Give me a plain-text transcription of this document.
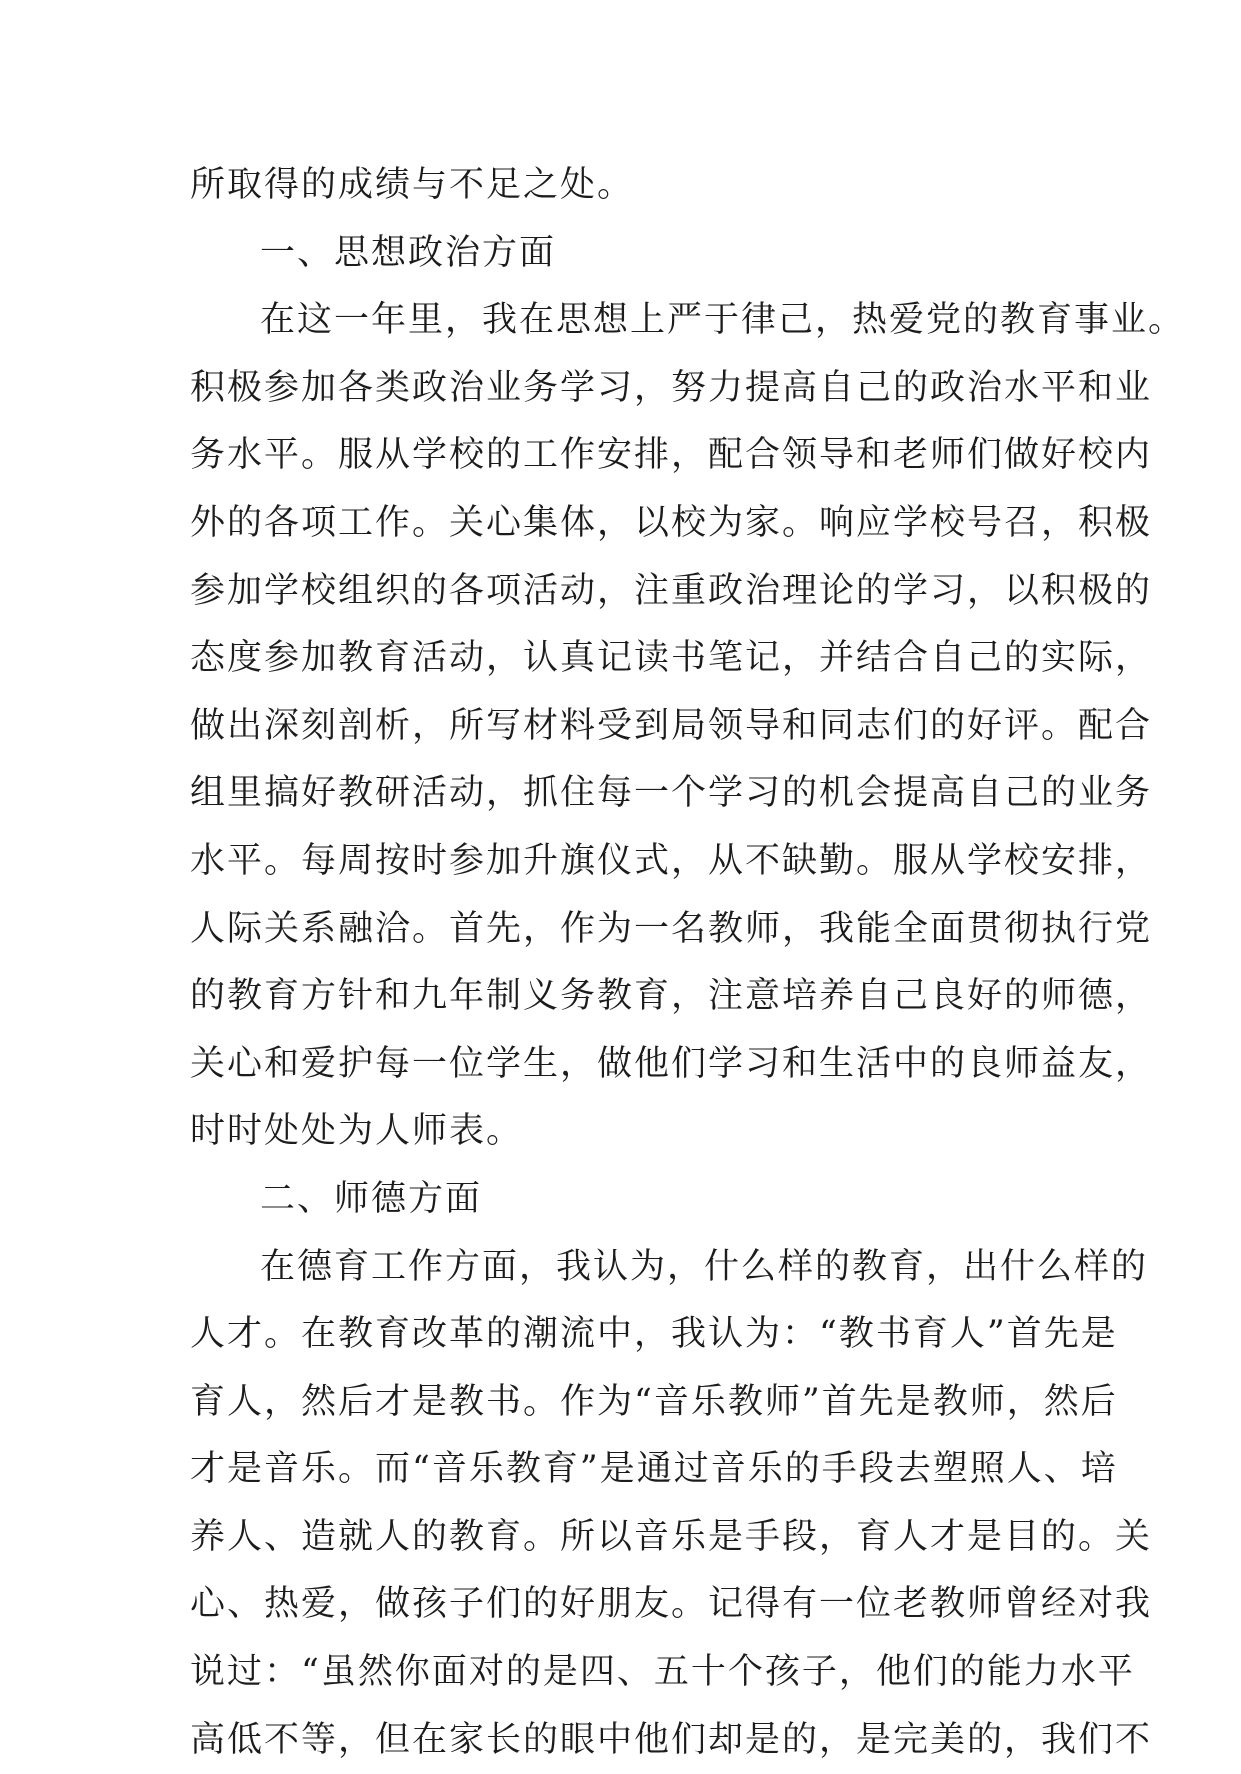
所取得的成绩与不足之处。
一、思想政治方面
在这一年里，我在思想上严于律己，热爱党的教育事业。
积极参加各类政治业务学习，努力提高自己的政治水平和业
务水平。服从学校的工作安排，配合领导和老师们做好校内
外的各项工作。关心集体，以校为家。响应学校号召，积极
参加学校组织的各项活动，注重政治理论的学习，以积极的
态度参加教育活动，认真记读书笔记，并结合自己的实际，
做出深刻剖析，所写材料受到局领导和同志们的好评。配合
组里搞好教研活动，抓住每一个学习的机会提高自己的业务
水平。每周按时参加升旗仪式，从不缺勤。服从学校安排，
人际关系融洽。首先，作为一名教师，我能全面贯彻执行党
的教育方针和九年制义务教育，注意培养自己良好的师德，
关心和爱护每一位学生，做他们学习和生活中的良师益友，
时时处处为人师表。
二、师德方面
在德育工作方面，我认为，什么样的教育，出什么样的
人才。在教育改革的潮流中，我认为：“教书育人”首先是
育人，然后才是教书。作为“音乐教师”首先是教师，然后
才是音乐。而“音乐教育”是通过音乐的手段去塑照人、培
养人、造就人的教育。所以音乐是手段，育人才是目的。关
心、热爱，做孩子们的好朋友。记得有一位老教师曾经对我
说过：“虽然你面对的是四、五十个孩子，他们的能力水平
高低不等，但在家长的眼中他们却是的，是完美的，我们不
